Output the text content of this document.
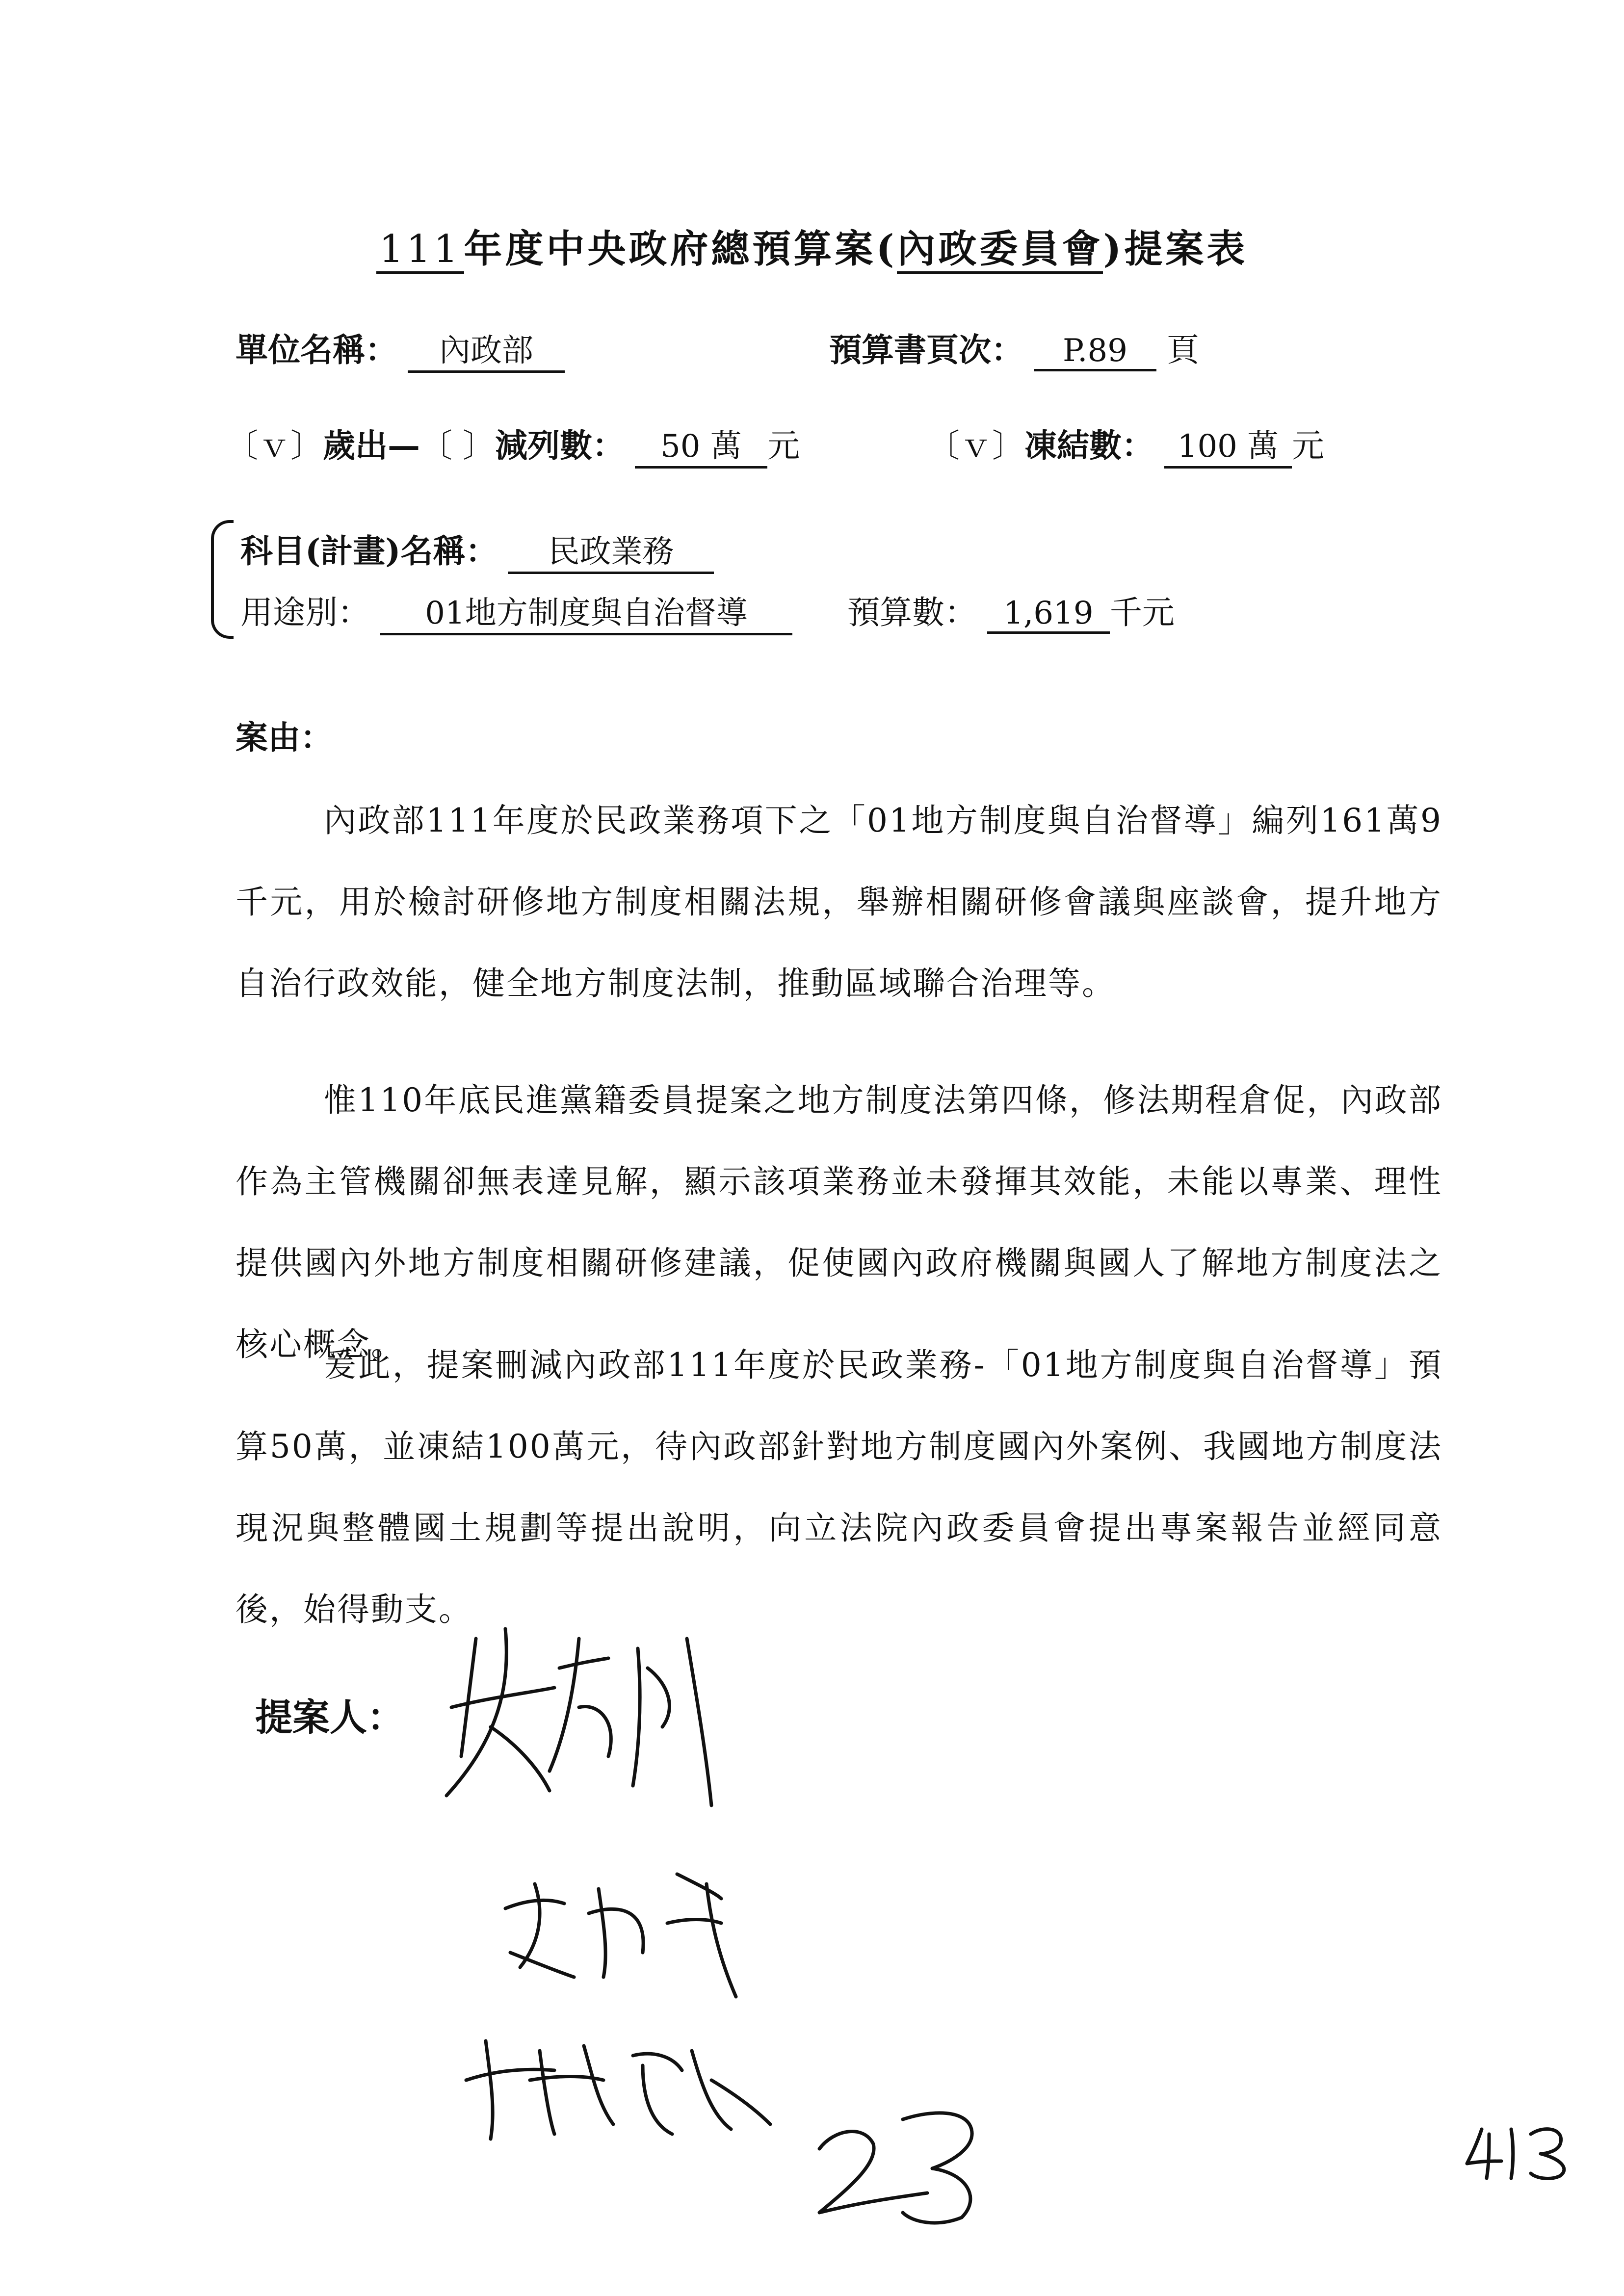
111年度中央政府總預算案(內政委員會)提案表
單位名稱： 內政部	預算書頁次： P.89 頁
〔ｖ〕歲出—〔 〕減列數： 50 萬 元	〔ｖ〕凍結數： 100 萬 元
科目(計畫)名稱： 民政業務
用途別： 01地方制度與自治督導	預算數： 1,619 千元
案由：

內政部111年度於民政業務項下之「01地方制度與自治督導」編列161萬9千元，用於檢討研修地方制度相關法規，舉辦相關研修會議與座談會，提升地方自治行政效能，健全地方制度法制，推動區域聯合治理等。

惟110年底民進黨籍委員提案之地方制度法第四條，修法期程倉促，內政部作為主管機關卻無表達見解，顯示該項業務並未發揮其效能，未能以專業、理性提供國內外地方制度相關研修建議，促使國內政府機關與國人了解地方制度法之核心概念。

爰此，提案刪減內政部111年度於民政業務-「01地方制度與自治督導」預算50萬，並凍結100萬元，待內政部針對地方制度國內外案例、我國地方制度法現況與整體國土規劃等提出說明，向立法院內政委員會提出專案報告並經同意後，始得動支。

提案人：
